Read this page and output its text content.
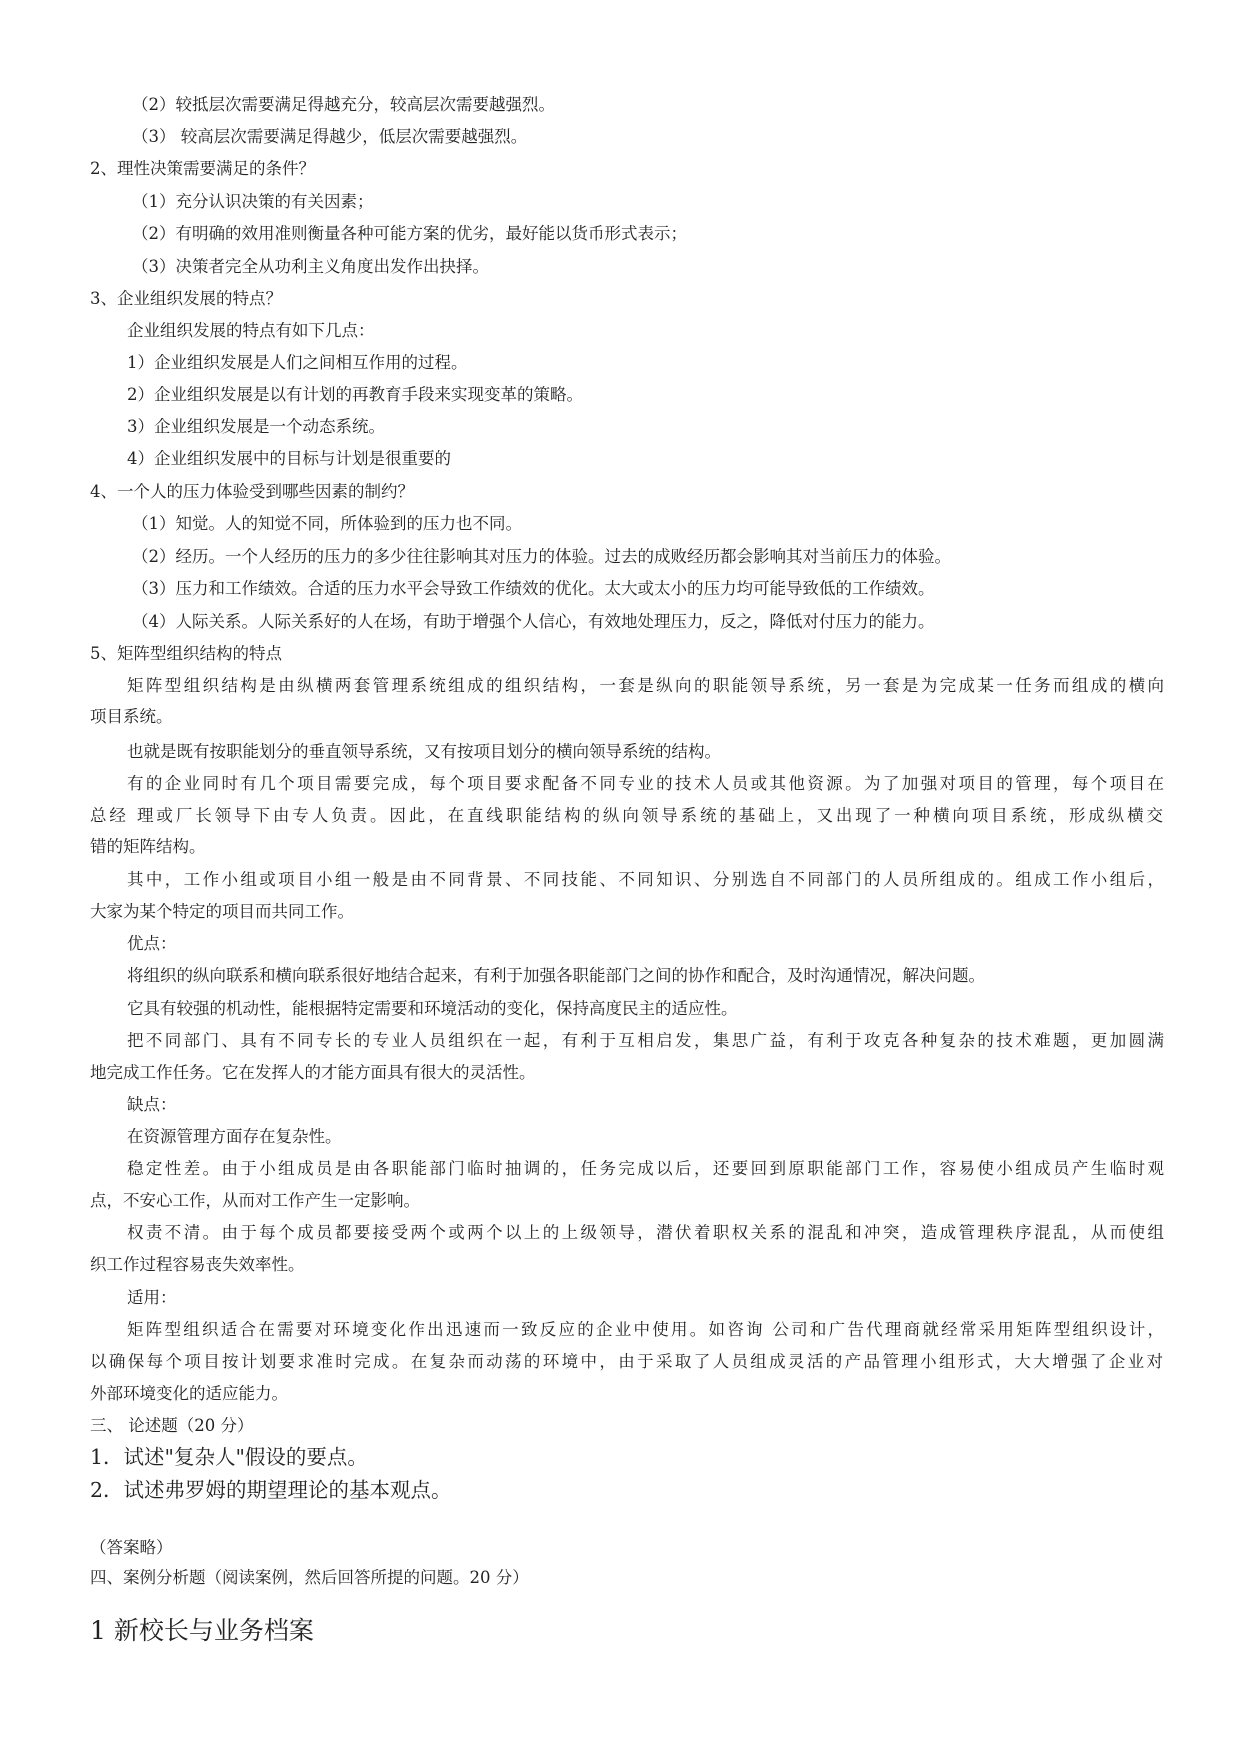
（2）较抵层次需要满足得越充分，较高层次需要越强烈。
（3） 较高层次需要满足得越少，低层次需要越强烈。
2、理性决策需要满足的条件？
（1）充分认识决策的有关因素；
（2）有明确的效用准则衡量各种可能方案的优劣，最好能以货币形式表示；
（3）决策者完全从功利主义角度出发作出抉择。
3、企业组织发展的特点？
企业组织发展的特点有如下几点：
1）企业组织发展是人们之间相互作用的过程。
2）企业组织发展是以有计划的再教育手段来实现变革的策略。
3）企业组织发展是一个动态系统。
4）企业组织发展中的目标与计划是很重要的
4、一个人的压力体验受到哪些因素的制约？
（1）知觉。人的知觉不同，所体验到的压力也不同。
（2）经历。一个人经历的压力的多少往往影响其对压力的体验。过去的成败经历都会影响其对当前压力的体验。
（3）压力和工作绩效。合适的压力水平会导致工作绩效的优化。太大或太小的压力均可能导致低的工作绩效。
（4）人际关系。人际关系好的人在场，有助于增强个人信心，有效地处理压力，反之，降低对付压力的能力。
5、矩阵型组织结构的特点
矩阵型组织结构是由纵横两套管理系统组成的组织结构，一套是纵向的职能领导系统，另一套是为完成某一任务而组成的横向
项目系统。
也就是既有按职能划分的垂直领导系统，又有按项目划分的横向领导系统的结构。
有的企业同时有几个项目需要完成，每个项目要求配备不同专业的技术人员或其他资源。为了加强对项目的管理，每个项目在
总经 理或厂长领导下由专人负责。因此，在直线职能结构的纵向领导系统的基础上，又出现了一种横向项目系统，形成纵横交
错的矩阵结构。
其中，工作小组或项目小组一般是由不同背景、不同技能、不同知识、分别选自不同部门的人员所组成的。组成工作小组后，
大家为某个特定的项目而共同工作。
优点：
将组织的纵向联系和横向联系很好地结合起来，有利于加强各职能部门之间的协作和配合，及时沟通情况，解决问题。
它具有较强的机动性，能根据特定需要和环境活动的变化，保持高度民主的适应性。
把不同部门、具有不同专长的专业人员组织在一起，有利于互相启发，集思广益，有利于攻克各种复杂的技术难题，更加圆满
地完成工作任务。它在发挥人的才能方面具有很大的灵活性。
缺点：
在资源管理方面存在复杂性。
稳定性差。由于小组成员是由各职能部门临时抽调的，任务完成以后，还要回到原职能部门工作，容易使小组成员产生临时观
点，不安心工作，从而对工作产生一定影响。
权责不清。由于每个成员都要接受两个或两个以上的上级领导，潜伏着职权关系的混乱和冲突，造成管理秩序混乱，从而使组
织工作过程容易丧失效率性。
适用：
矩阵型组织适合在需要对环境变化作出迅速而一致反应的企业中使用。如咨询 公司和广告代理商就经常采用矩阵型组织设计，
以确保每个项目按计划要求准时完成。在复杂而动荡的环境中，由于采取了人员组成灵活的产品管理小组形式，大大增强了企业对
外部环境变化的适应能力。
三、 论述题（20 分）
1．试述"复杂人"假设的要点。
2．试述弗罗姆的期望理论的基本观点。
（答案略）
四、案例分析题（阅读案例，然后回答所提的问题。20 分）
1 新校长与业务档案
